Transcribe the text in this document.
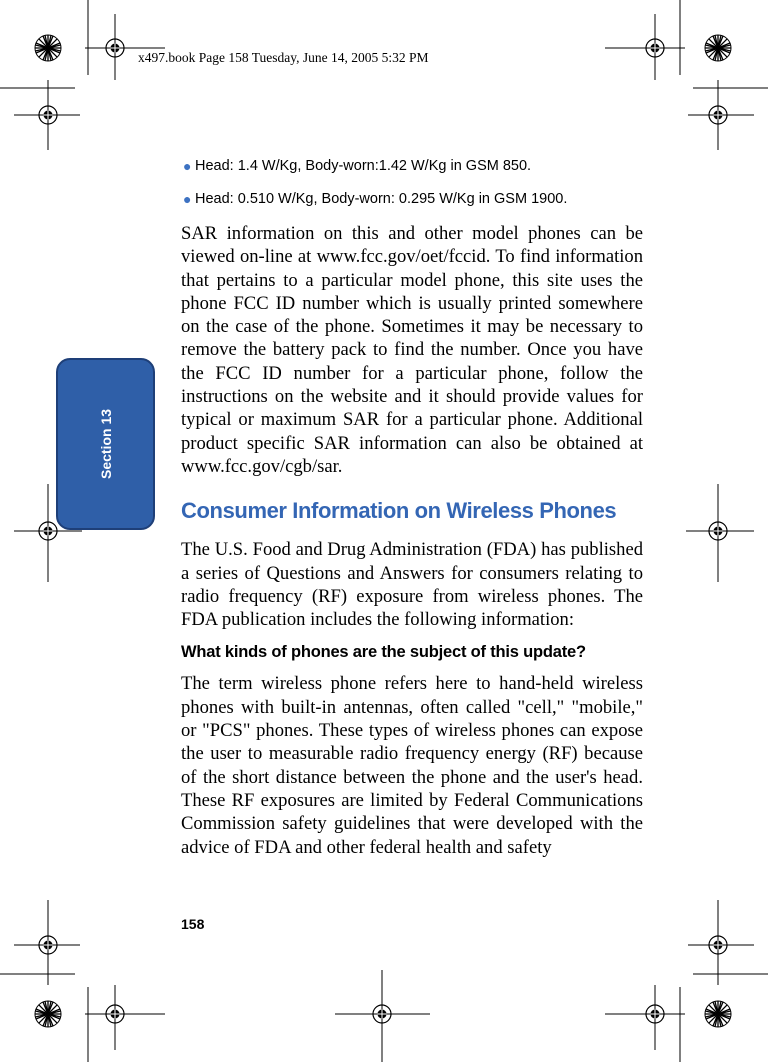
x497.book Page 158 Tuesday, June 14, 2005 5:32 PM
Section 13
● Head: 1.4 W/Kg, Body-worn:1.42 W/Kg in GSM 850.
● Head: 0.510 W/Kg, Body-worn: 0.295 W/Kg in GSM 1900.

SAR information on this and other model phones can be viewed on-line at www.fcc.gov/oet/fccid. To find information that pertains to a particular model phone, this site uses the phone FCC ID number which is usually printed somewhere on the case of the phone. Sometimes it may be necessary to remove the battery pack to find the number. Once you have the FCC ID number for a particular phone, follow the instructions on the website and it should provide values for typical or maximum SAR for a particular phone. Additional product specific SAR information can also be obtained at www.fcc.gov/cgb/sar.

Consumer Information on Wireless Phones

The U.S. Food and Drug Administration (FDA) has published a series of Questions and Answers for consumers relating to radio frequency (RF) exposure from wireless phones. The FDA publication includes the following information:

What kinds of phones are the subject of this update?

The term wireless phone refers here to hand-held wireless phones with built-in antennas, often called "cell," "mobile," or "PCS" phones. These types of wireless phones can expose the user to measurable radio frequency energy (RF) because of the short distance between the phone and the user's head. These RF exposures are limited by Federal Communications Commission safety guidelines that were developed with the advice of FDA and other federal health and safety

158
